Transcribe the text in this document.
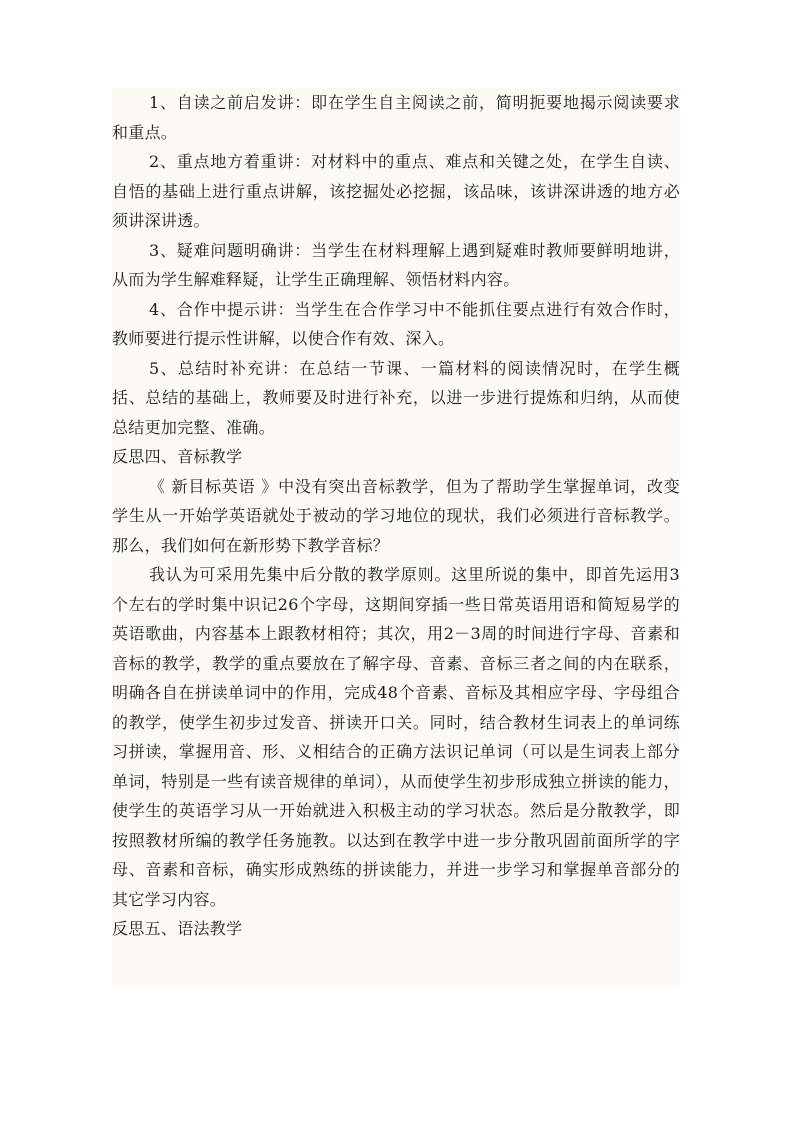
1、自读之前启发讲：即在学生自主阅读之前，简明扼要地揭示阅读要求和重点。

2、重点地方着重讲：对材料中的重点、难点和关键之处，在学生自读、自悟的基础上进行重点讲解，该挖掘处必挖掘，该品味，该讲深讲透的地方必须讲深讲透。

3、疑难问题明确讲：当学生在材料理解上遇到疑难时教师要鲜明地讲，从而为学生解难释疑，让学生正确理解、领悟材料内容。

4、合作中提示讲：当学生在合作学习中不能抓住要点进行有效合作时，教师要进行提示性讲解，以使合作有效、深入。

5、总结时补充讲：在总结一节课、一篇材料的阅读情况时，在学生概括、总结的基础上，教师要及时进行补充，以进一步进行提炼和归纳，从而使总结更加完整、准确。

反思四、音标教学

《 新目标英语 》中没有突出音标教学，但为了帮助学生掌握单词，改变学生从一开始学英语就处于被动的学习地位的现状，我们必须进行音标教学。那么，我们如何在新形势下教学音标？

我认为可采用先集中后分散的教学原则。这里所说的集中，即首先运用3个左右的学时集中识记26个字母，这期间穿插一些日常英语用语和简短易学的英语歌曲，内容基本上跟教材相符；其次，用2－3周的时间进行字母、音素和音标的教学，教学的重点要放在了解字母、音素、音标三者之间的内在联系，明确各自在拼读单词中的作用，完成48个音素、音标及其相应字母、字母组合的教学，使学生初步过发音、拼读开口关。同时，结合教材生词表上的单词练习拼读，掌握用音、形、义相结合的正确方法识记单词（可以是生词表上部分单词，特别是一些有读音规律的单词），从而使学生初步形成独立拼读的能力，使学生的英语学习从一开始就进入积极主动的学习状态。然后是分散教学，即按照教材所编的教学任务施教。以达到在教学中进一步分散巩固前面所学的字母、音素和音标，确实形成熟练的拼读能力，并进一步学习和掌握单音部分的其它学习内容。

反思五、语法教学
